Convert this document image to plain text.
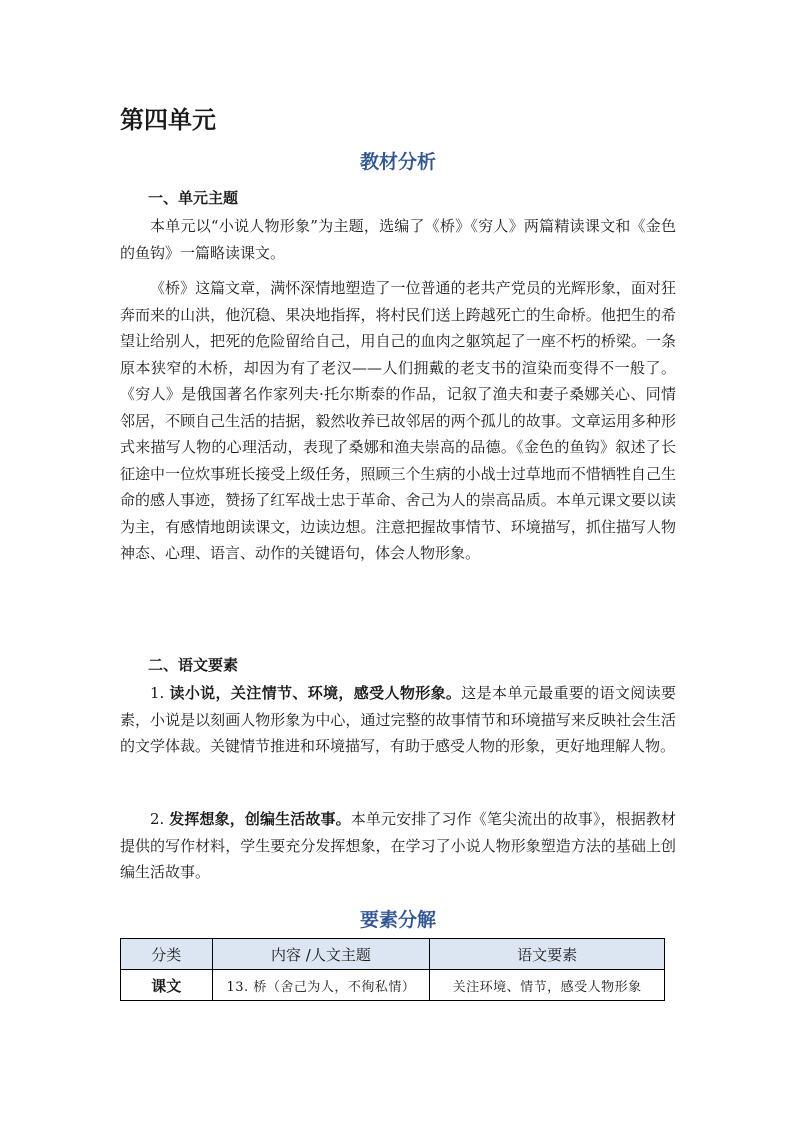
第四单元
教材分析
一、单元主题

本单元以“小说人物形象”为主题，选编了《桥》《穷人》两篇精读课文和《金色的鱼钩》一篇略读课文。

《桥》这篇文章，满怀深情地塑造了一位普通的老共产党员的光辉形象，面对狂奔而来的山洪，他沉稳、果决地指挥，将村民们送上跨越死亡的生命桥。他把生的希望让给别人，把死的危险留给自己，用自己的血肉之躯筑起了一座不朽的桥梁。一条原本狭窄的木桥，却因为有了老汉——人们拥戴的老支书的渲染而变得不一般了。《穷人》是俄国著名作家列夫·托尔斯泰的作品，记叙了渔夫和妻子桑娜关心、同情邻居，不顾自己生活的拮据，毅然收养已故邻居的两个孤儿的故事。文章运用多种形式来描写人物的心理活动，表现了桑娜和渔夫崇高的品德。《金色的鱼钩》叙述了长征途中一位炊事班长接受上级任务，照顾三个生病的小战士过草地而不惜牺牲自己生命的感人事迹，赞扬了红军战士忠于革命、舍己为人的崇高品质。本单元课文要以读为主，有感情地朗读课文，边读边想。注意把握故事情节、环境描写，抓住描写人物神态、心理、语言、动作的关键语句，体会人物形象。

二、语文要素

1. 读小说，关注情节、环境，感受人物形象。这是本单元最重要的语文阅读要素，小说是以刻画人物形象为中心，通过完整的故事情节和环境描写来反映社会生活的文学体裁。关键情节推进和环境描写，有助于感受人物的形象，更好地理解人物。

2. 发挥想象，创编生活故事。本单元安排了习作《笔尖流出的故事》，根据教材提供的写作材料，学生要充分发挥想象，在学习了小说人物形象塑造方法的基础上创编生活故事。

要素分解
分类	内容 /人文主题	语文要素
课文	13. 桥（舍己为人，不徇私情）	关注环境、情节，感受人物形象
